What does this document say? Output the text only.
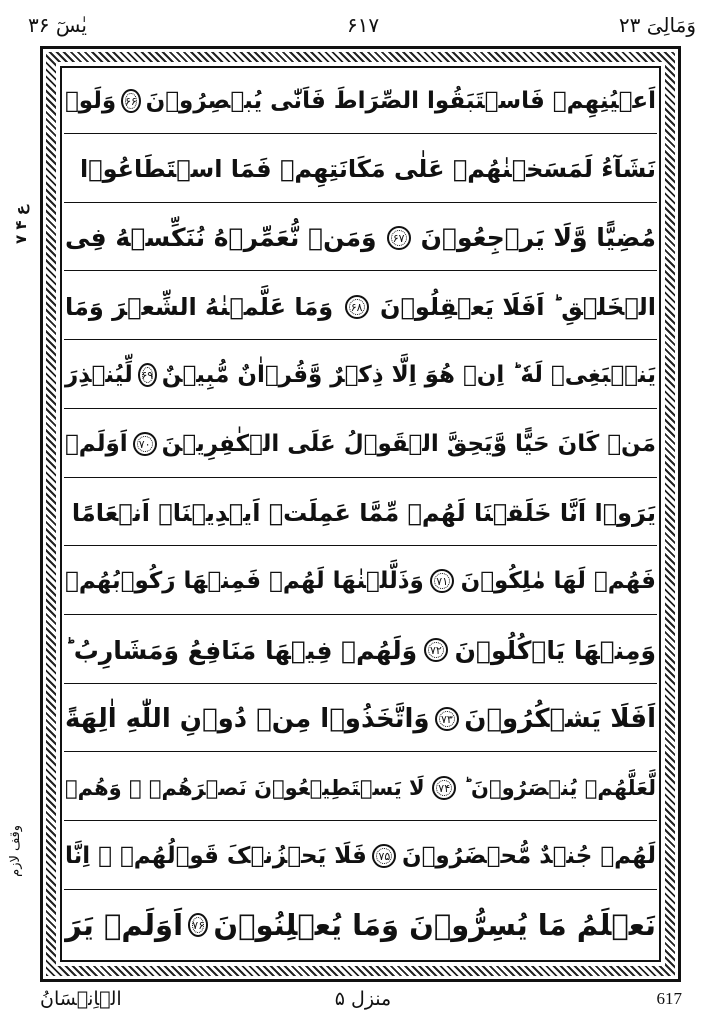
وَمَالِیَ ۲۳
۶۱۷
یٰسٓ ۳۶
ع ۴ ۷
وقف لازم
اَعۡیُنِهِمۡ فَاسۡتَبَقُوا الصِّرَاطَ فَاَنّٰی یُبۡصِرُوۡنَ
۶۶
وَلَوۡ
نَشَآءُ لَمَسَخۡنٰهُمۡ عَلٰی مَکَانَتِهِمۡ فَمَا اسۡتَطَاعُوۡا
مُضِیًّا وَّلَا یَرۡجِعُوۡنَ
۶۷
وَمَنۡ نُّعَمِّرۡهُ نُنَکِّسۡهُ فِی
الۡخَلۡقِ ؕ اَفَلَا یَعۡقِلُوۡنَ
۶۸
وَمَا عَلَّمۡنٰهُ الشِّعۡرَ وَمَا
یَنۡۢبَغِیۡ لَهٗ ؕ اِنۡ هُوَ اِلَّا ذِکۡرٌ وَّقُرۡاٰنٌ مُّبِیۡنٌ
۶۹
لِّیُنۡذِرَ
مَنۡ کَانَ حَیًّا وَّیَحِقَّ الۡقَوۡلُ عَلَی الۡکٰفِرِیۡنَ
۷۰
اَوَلَمۡ
یَرَوۡا اَنَّا خَلَقۡنَا لَهُمۡ مِّمَّا عَمِلَتۡ اَیۡدِیۡنَاۤ اَنۡعَامًا
فَهُمۡ لَهَا مٰلِکُوۡنَ
۷۱
وَذَلَّلۡنٰهَا لَهُمۡ فَمِنۡهَا رَکُوۡبُهُمۡ
وَمِنۡهَا یَاۡکُلُوۡنَ
۷۲
وَلَهُمۡ فِیۡهَا مَنَافِعُ وَمَشَارِبُ ؕ
اَفَلَا یَشۡکُرُوۡنَ
۷۳
وَاتَّخَذُوۡا مِنۡ دُوۡنِ اللّٰهِ اٰلِهَةً
لَّعَلَّهُمۡ یُنۡصَرُوۡنَ ؕ
۷۴
لَا یَسۡتَطِیۡعُوۡنَ نَصۡرَهُمۡ ۙ وَهُمۡ
لَهُمۡ جُنۡدٌ مُّحۡضَرُوۡنَ
۷۵
فَلَا یَحۡزُنۡکَ قَوۡلُهُمۡ ۘ اِنَّا
نَعۡلَمُ مَا یُسِرُّوۡنَ وَمَا یُعۡلِنُوۡنَ
۷۶
اَوَلَمۡ یَرَ
617
منزل ۵
الۡاِنۡسَانُ
